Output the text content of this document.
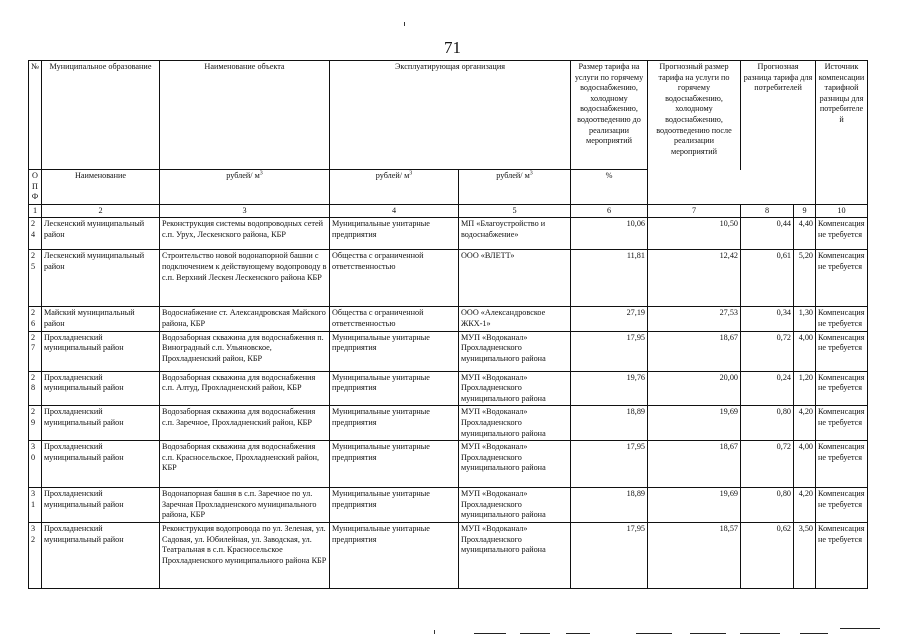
71
№	Муниципальное образование	Наименование объекта	Эксплуатирующая организация		Размер тарифа на услуги по горячему водоснабжению, холодному водоснабжению, водоотведению до реализации мероприятий	Прогнозный размер тарифа на услуги по горячему водоснабжению, холодному водоснабжению, водоотведению после реализации мероприятий	Прогнозная разница тарифа для потребителей		Источник компенсации тарифной разницы для потребителей

ОПФ	Наименование	рублей/ $м^3$	рублей/ $м^3$	рублей/ $м^3$	%				
1	2	3	4	5	6	7	8	9	10
24	Лескенский муниципальный район	Реконструкция системы водопроводных сетей с.п. Урух, Лескенского района, КБР	Муниципальные унитарные предприятия	МП «Благоустройство и водоснабжение»	10,06	10,50	0,44	4,40	Компенсация не требуется
25	Лескенский муниципальный район	Строительство новой водонапорной башни с подключением к действующему водопроводу в с.п. Верхний Лескен Лескенского района КБР	Общества с ограниченной ответственностью	ООО «ВЛЕТТ»	11,81	12,42	0,61	5,20	Компенсация не требуется
26	Майский муниципальный район	Водоснабжение ст. Александровская Майского района, КБР	Общества с ограниченной ответственностью	ООО «Александровское ЖКХ-1»	27,19	27,53	0,34	1,30	Компенсация не требуется
27	Прохладненский муниципальный район	Водозаборная скважина для водоснабжения п. Виноградный с.п. Ульяновское, Прохладненский район, КБР	Муниципальные унитарные предприятия	МУП «Водоканал» Прохладненского муниципального района	17,95	18,67	0,72	4,00	Компенсация не требуется
28	Прохладненский муниципальный район	Водозаборная скважина для водоснабжения с.п. Алтуд, Прохладненский район, КБР	Муниципальные унитарные предприятия	МУП «Водоканал» Прохладненского муниципального района	19,76	20,00	0,24	1,20	Компенсация не требуется
29	Прохладненский муниципальный район	Водозаборная скважина для водоснабжения с.п. Заречное, Прохладненский район, КБР	Муниципальные унитарные предприятия	МУП «Водоканал» Прохладненского муниципального района	18,89	19,69	0,80	4,20	Компенсация не требуется
30	Прохладненский муниципальный район	Водозаборная скважина для водоснабжения с.п. Краснoсельское, Прохладненский район, КБР	Муниципальные унитарные предприятия	МУП «Водоканал» Прохладненского муниципального района	17,95	18,67	0,72	4,00	Компенсация не требуется
31	Прохладненский муниципальный район	Водонапорная башня в с.п. Заречное по ул. Заречная Прохладненского муниципального района, КБР	Муниципальные унитарные предприятия	МУП «Водоканал» Прохладненского муниципального района	18,89	19,69	0,80	4,20	Компенсация не требуется
32	Прохладненский муниципальный район	Реконструкция водопровода по ул. Зеленая, ул. Садовая, ул. Юбилейная, ул. Заводская, ул. Театральная в с.п. Красносельское Прохладненского муниципального района КБР	Муниципальные унитарные предприятия	МУП «Водоканал» Прохладненского муниципального района	17,95	18,57	0,62	3,50	Компенсация не требуется
